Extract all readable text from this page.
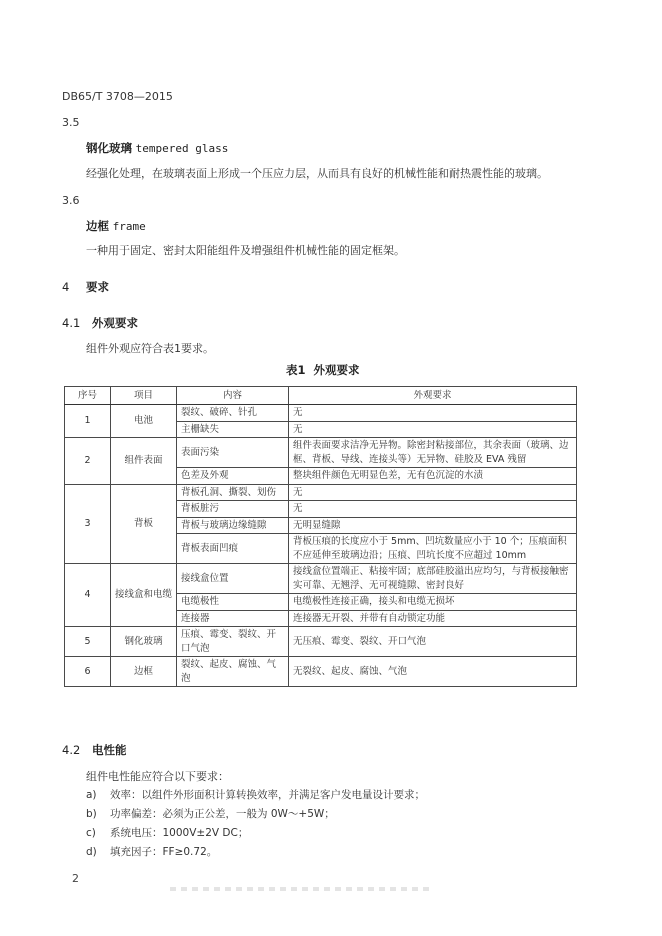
DB65/T 3708—2015
3.5
钢化玻璃 tempered glass
经强化处理，在玻璃表面上形成一个压应力层，从而具有良好的机械性能和耐热震性能的玻璃。
3.6
边框 frame
一种用于固定、密封太阳能组件及增强组件机械性能的固定框架。
4 要求
4.1 外观要求
组件外观应符合表1要求。
表1 外观要求
序号	项目	内容	外观要求
1	电池	裂纹、破碎、针孔	无
		主栅缺失	无
2	组件表面	表面污染	组件表面要求洁净无异物。除密封粘接部位，其余表面（玻璃、边框、背板、导线、连接头等）无异物、硅胶及 EVA 残留
		色差及外观	整块组件颜色无明显色差，无有色沉淀的水渍
3	背板	背板孔洞、撕裂、划伤	无
		背板脏污	无
		背板与玻璃边缘缝隙	无明显缝隙
		背板表面凹痕	背板压痕的长度应小于 5mm、凹坑数量应小于 10 个；压痕面积不应延伸至玻璃边沿；压痕、凹坑长度不应超过 10mm
4	接线盒和电缆	接线盒位置	接线盒位置端正、粘接牢固；底部硅胶溢出应均匀，与背板接触密实可靠、无翘浮、无可视缝隙、密封良好
		电缆极性	电缆极性连接正确，接头和电缆无损坏
		连接器	连接器无开裂、并带有自动锁定功能
5	钢化玻璃	压痕、霉变、裂纹、开口气泡	无压痕、霉变、裂纹、开口气泡
6	边框	裂纹、起皮、腐蚀、气泡	无裂纹、起皮、腐蚀、气泡
4.2 电性能
组件电性能应符合以下要求：
a) 效率：以组件外形面积计算转换效率，并满足客户发电量设计要求；
b) 功率偏差：必须为正公差，一般为 0W～+5W；
c) 系统电压：1000V±2V DC；
d) 填充因子：FF≥0.72。
2
